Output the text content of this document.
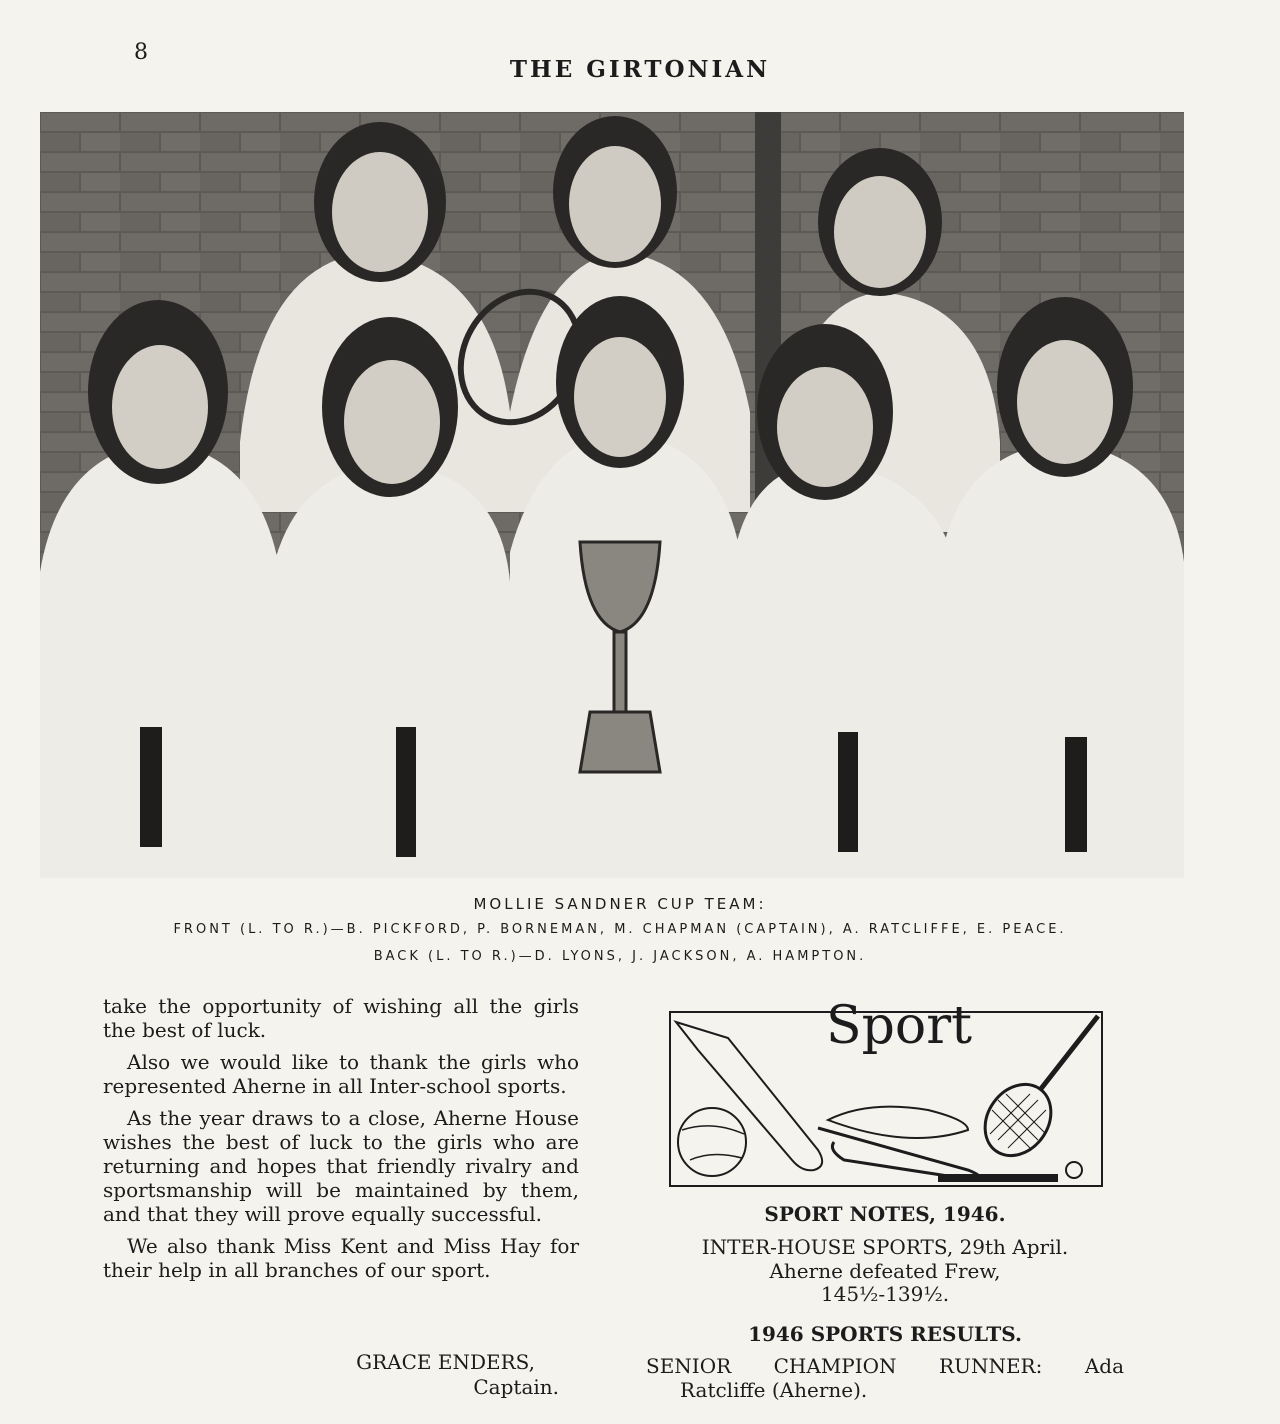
8
THE GIRTONIAN
MOLLIE SANDNER CUP TEAM:
FRONT (L. TO R.)—B. PICKFORD, P. BORNEMAN, M. CHAPMAN (CAPTAIN), A. RATCLIFFE, E. PEACE.
BACK (L. TO R.)—D. LYONS, J. JACKSON, A. HAMPTON.

take the opportunity of wishing all the girls the best of luck.

Also we would like to thank the girls who represented Aherne in all Inter-school sports.

As the year draws to a close, Aherne House wishes the best of luck to the girls who are returning and hopes that friendly rivalry and sportsmanship will be maintained by them, and that they will prove equally successful.

We also thank Miss Kent and Miss Hay for their help in all branches of our sport.

GRACE ENDERS,
Captain.
Sport
SPORT NOTES, 1946.
INTER-HOUSE SPORTS, 29th April.
Aherne defeated Frew,
145½-139½.
1946 SPORTS RESULTS.
SENIOR CHAMPION RUNNER: Ada
Ratcliffe (Aherne).
